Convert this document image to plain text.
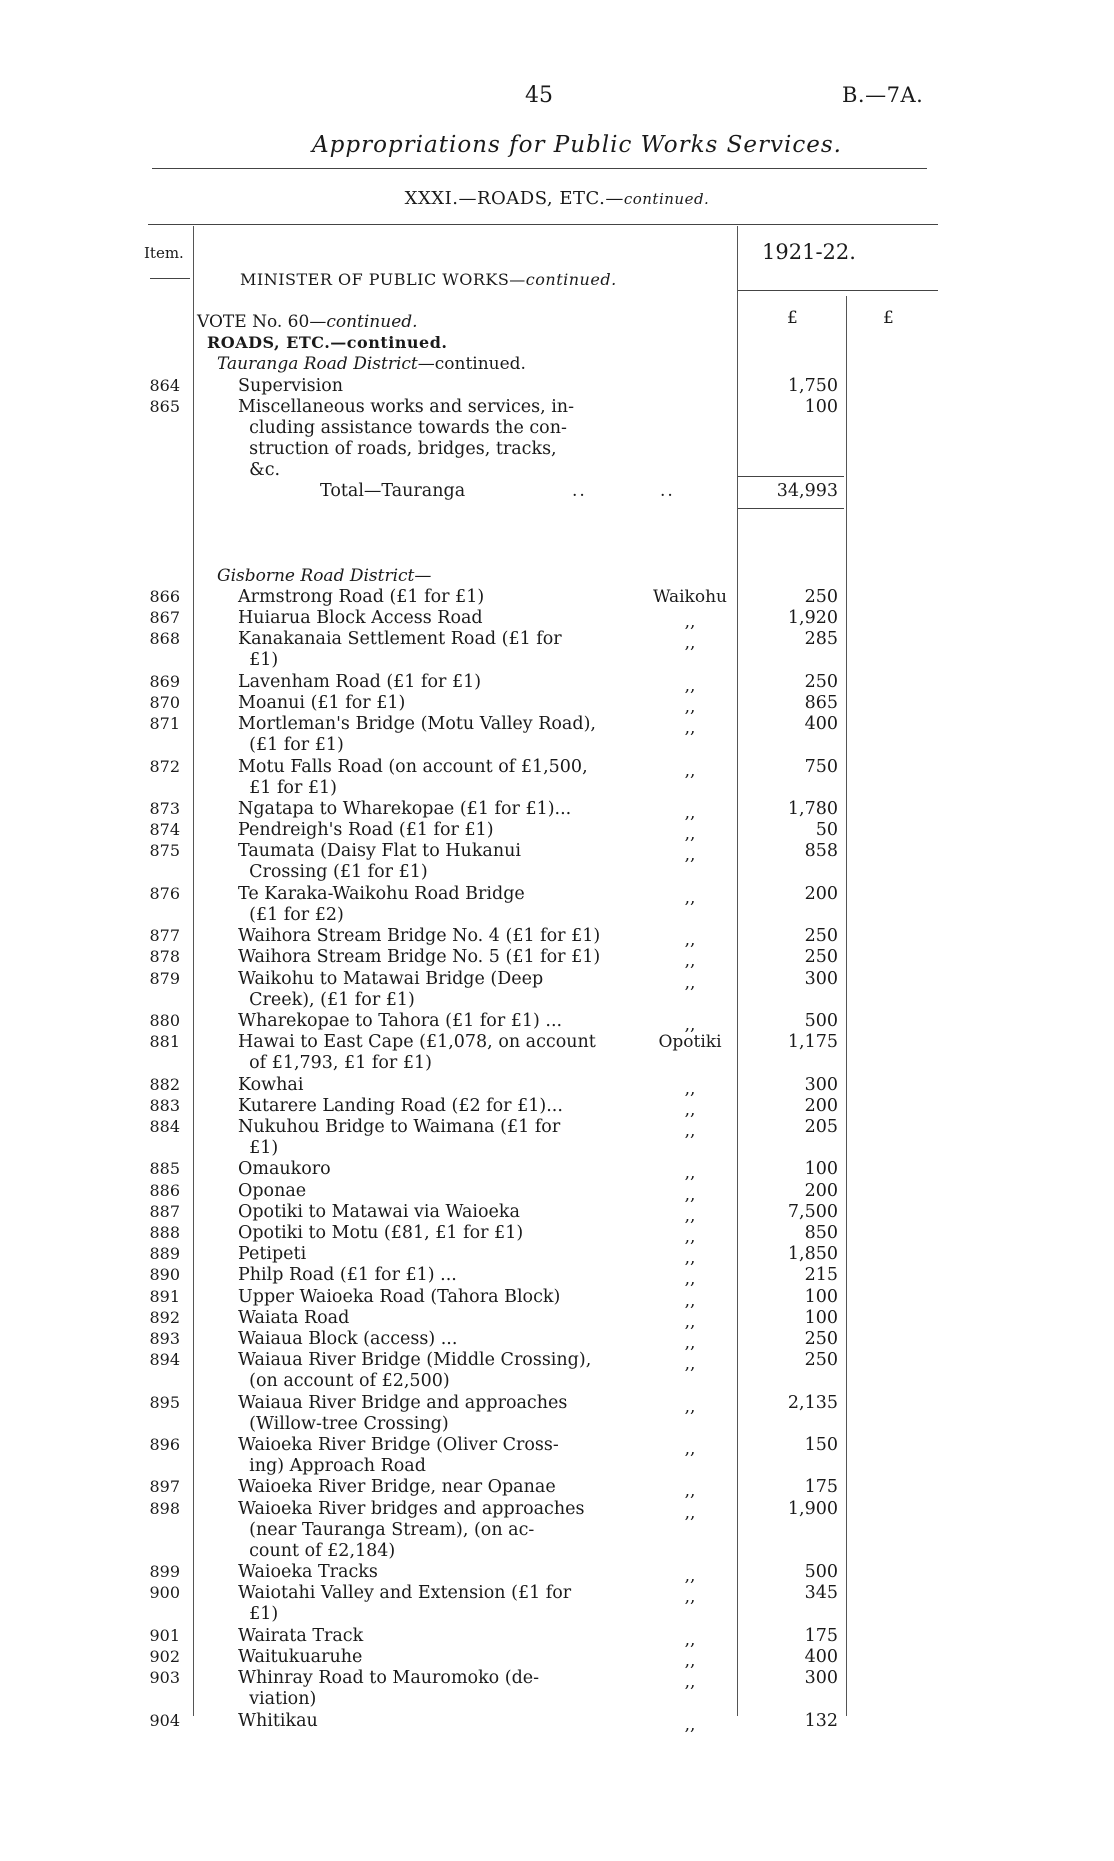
45	B.—7A.
Appropriations for Public Works Services.
XXXI.—ROADS, ETC.—continued.
Item.
MINISTER OF PUBLIC WORKS—continued.
1921-22.
£	£
VOTE No. 60—continued.
ROADS, ETC.—continued.
Tauranga Road District—continued.
864	Supervision	1,750
865	Miscellaneous works and services, in-
cluding assistance towards the con-
struction of roads, bridges, tracks,
&c.
100
Total—Tauranga	..	..	34,993
Gisborne Road District—
866	Armstrong Road (£1 for £1)	Waikohu	250
867	Huiarua Block Access Road	,,	1,920
868	Kanakanaia Settlement Road (£1 for
£1)
,,	285
869	Lavenham Road (£1 for £1)	,,	250
870	Moanui (£1 for £1)	,,	865
871	Mortleman's Bridge (Motu Valley Road),
(£1 for £1)
,,	400
872	Motu Falls Road (on account of £1,500,
£1 for £1)
,,	750
873	Ngatapa to Wharekopae (£1 for £1)...	,,	1,780
874	Pendreigh's Road (£1 for £1)	,,	50
875	Taumata (Daisy Flat to Hukanui
Crossing (£1 for £1)
,,	858
876	Te Karaka-Waikohu Road Bridge
(£1 for £2)
,,	200
877	Waihora Stream Bridge No. 4 (£1 for £1)	,,	250
878	Waihora Stream Bridge No. 5 (£1 for £1)	,,	250
879	Waikohu to Matawai Bridge (Deep
Creek), (£1 for £1)
,,	300
880	Wharekopae to Tahora (£1 for £1) ...	,,	500
881	Hawai to East Cape (£1,078, on account
of £1,793, £1 for £1)
Opotiki	1,175
882	Kowhai	,,	300
883	Kutarere Landing Road (£2 for £1)...	,,	200
884	Nukuhou Bridge to Waimana (£1 for
£1)
,,	205
885	Omaukoro	,,	100
886	Oponae	,,	200
887	Opotiki to Matawai via Waioeka	,,	7,500
888	Opotiki to Motu (£81, £1 for £1)	,,	850
889	Petipeti	,,	1,850
890	Philp Road (£1 for £1) ...	,,	215
891	Upper Waioeka Road (Tahora Block)	,,	100
892	Waiata Road	,,	100
893	Waiaua Block (access) ...	,,	250
894	Waiaua River Bridge (Middle Crossing),
(on account of £2,500)
,,	250
895	Waiaua River Bridge and approaches
(Willow-tree Crossing)
,,	2,135
896	Waioeka River Bridge (Oliver Cross-
ing) Approach Road
,,	150
897	Waioeka River Bridge, near Opanae	,,	175
898	Waioeka River bridges and approaches
(near Tauranga Stream), (on ac-
count of £2,184)
,,	1,900
899	Waioeka Tracks	,,	500
900	Waiotahi Valley and Extension (£1 for
£1)
,,	345
901	Wairata Track	,,	175
902	Waitukuaruhe	,,	400
903	Whinray Road to Mauromoko (de-
viation)
,,	300
904	Whitikau	,,	132
